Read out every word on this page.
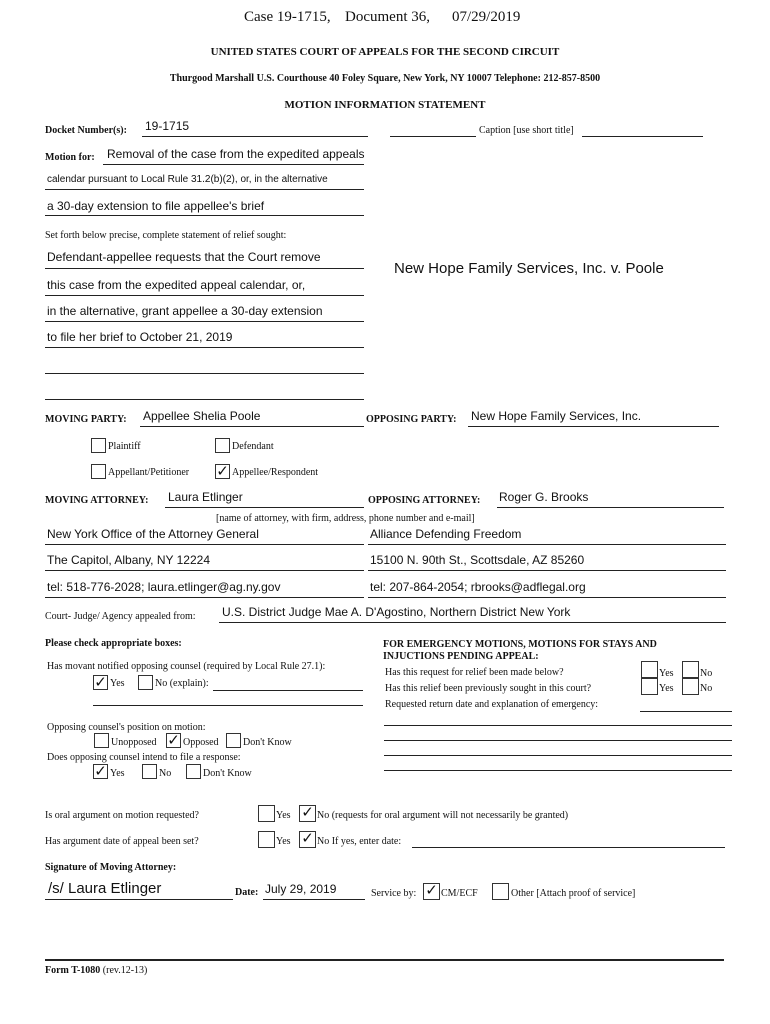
Case 19-1715, Document 36, 07/29/2019
UNITED STATES COURT OF APPEALS FOR THE SECOND CIRCUIT
Thurgood Marshall U.S. Courthouse 40 Foley Square, New York, NY 10007 Telephone: 212-857-8500
MOTION INFORMATION STATEMENT
Docket Number(s): 19-1715	Caption [use short title]
Motion for: Removal of the case from the expedited appeals
calendar pursuant to Local Rule 31.2(b)(2), or, in the alternative
a 30-day extension to file appellee's brief
Set forth below precise, complete statement of relief sought:
Defendant-appellee requests that the Court remove
this case from the expedited appeal calendar, or,
in the alternative, grant appellee a 30-day extension
to file her brief to October 21, 2019
New Hope Family Services, Inc. v. Poole
MOVING PARTY: Appellee Shelia Poole	OPPOSING PARTY: New Hope Family Services, Inc.
Plaintiff	Defendant
Appellant/Petitioner ✓ Appellee/Respondent
MOVING ATTORNEY: Laura Etlinger	OPPOSING ATTORNEY: Roger G. Brooks
[name of attorney, with firm, address, phone number and e-mail]
New York Office of the Attorney General	Alliance Defending Freedom
The Capitol, Albany, NY 12224	15100 N. 90th St., Scottsdale, AZ 85260
tel: 518-776-2028; laura.etlinger@ag.ny.gov	tel: 207-864-2054; rbrooks@adflegal.org
Court- Judge/ Agency appealed from: U.S. District Judge Mae A. D'Agostino, Northern District New York
Please check appropriate boxes:
Has movant notified opposing counsel (required by Local Rule 27.1):
✓ Yes	No (explain):
Opposing counsel's position on motion:
Unopposed ✓ Opposed Don't Know
Does opposing counsel intend to file a response:
✓ Yes	No	Don't Know
FOR EMERGENCY MOTIONS, MOTIONS FOR STAYS AND
INJUCTIONS PENDING APPEAL:
Has this request for relief been made below?	Yes	No
Has this relief been previously sought in this court?	Yes	No
Requested return date and explanation of emergency:
Is oral argument on motion requested?	Yes ✓ No (requests for oral argument will not necessarily be granted)
Has argument date of appeal been set?	Yes ✓ No If yes, enter date:
Signature of Moving Attorney:
/s/ Laura Etlinger	Date: July 29, 2019	Service by: ✓ CM/ECF	Other [Attach proof of service]
Form T-1080 (rev.12-13)
